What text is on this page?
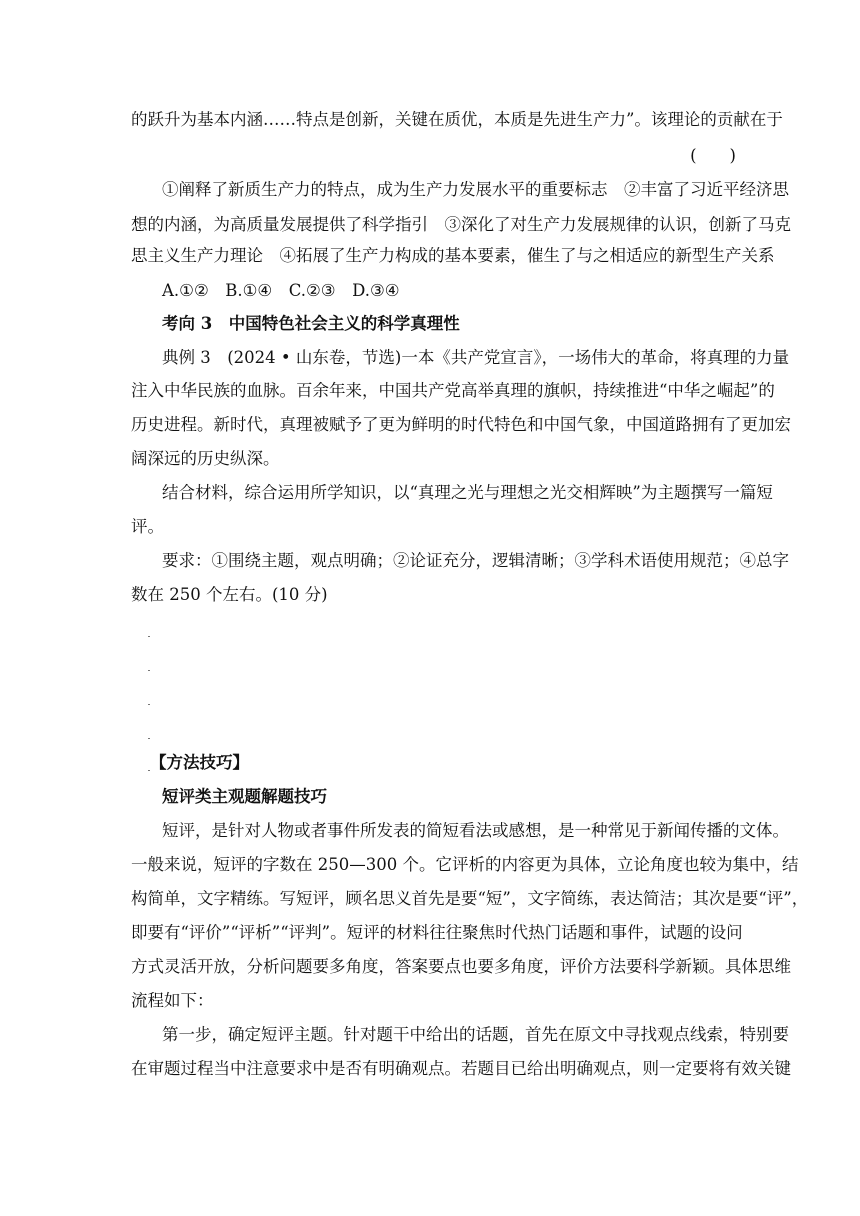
的跃升为基本内涵……特点是创新，关键在质优，本质是先进生产力”。该理论的贡献在于
(　　)
①阐释了新质生产力的特点，成为生产力发展水平的重要标志　②丰富了习近平经济思
想的内涵，为高质量发展提供了科学指引　③深化了对生产力发展规律的认识，创新了马克
思主义生产力理论　④拓展了生产力构成的基本要素，催生了与之相适应的新型生产关系
A.①②　B.①④　C.②③　D.③④
考向 3　中国特色社会主义的科学真理性
典例 3　(2024 • 山东卷，节选)一本《共产党宣言》，一场伟大的革命，将真理的力量
注入中华民族的血脉。百余年来，中国共产党高举真理的旗帜，持续推进“中华之崛起”的
历史进程。新时代，真理被赋予了更为鲜明的时代特色和中国气象，中国道路拥有了更加宏
阔深远的历史纵深。
结合材料，综合运用所学知识，以“真理之光与理想之光交相辉映”为主题撰写一篇短
评。
要求：①围绕主题，观点明确；②论证充分，逻辑清晰；③学科术语使用规范；④总字
数在 250 个左右。(10 分)
【方法技巧】
短评类主观题解题技巧
短评，是针对人物或者事件所发表的简短看法或感想，是一种常见于新闻传播的文体。
一般来说，短评的字数在 250—300 个。它评析的内容更为具体，立论角度也较为集中，结
构简单，文字精练。写短评，顾名思义首先是要“短”，文字简练，表达简洁；其次是要“评”，
即要有“评价”“评析”“评判”。短评的材料往往聚焦时代热门话题和事件，试题的设问
方式灵活开放，分析问题要多角度，答案要点也要多角度，评价方法要科学新颖。具体思维
流程如下：
第一步，确定短评主题。针对题干中给出的话题，首先在原文中寻找观点线索，特别要
在审题过程当中注意要求中是否有明确观点。若题目已给出明确观点，则一定要将有效关键
